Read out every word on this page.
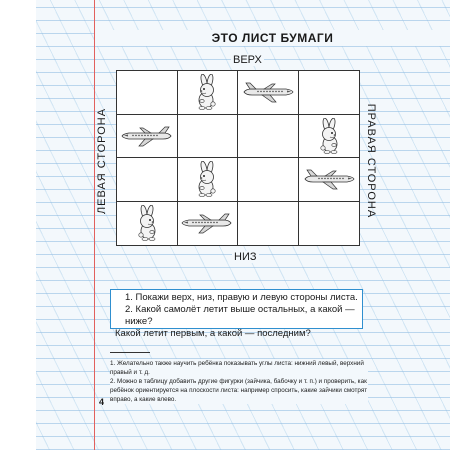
ЭТО ЛИСТ БУМАГИ
ВЕРХ
ЛЕВАЯ СТОРОНА	ПРАВАЯ СТОРОНА
НИЗ
1. Покажи верх, низ, правую и левую стороны листа.
2. Какой самолёт летит выше остальных, а какой — ниже?
Какой летит первым, а какой — последним?
1. Желательно также научить ребёнка показывать углы листа: нижний левый, верхний правый и т. д.
2. Можно в таблицу добавить другие фигурки (зайчика, бабочку и т. п.) и проверить, как ребёнок ориентируется на плоскости листа: например спросить, какие зайчики смотрят вправо, а какие влево.
4
